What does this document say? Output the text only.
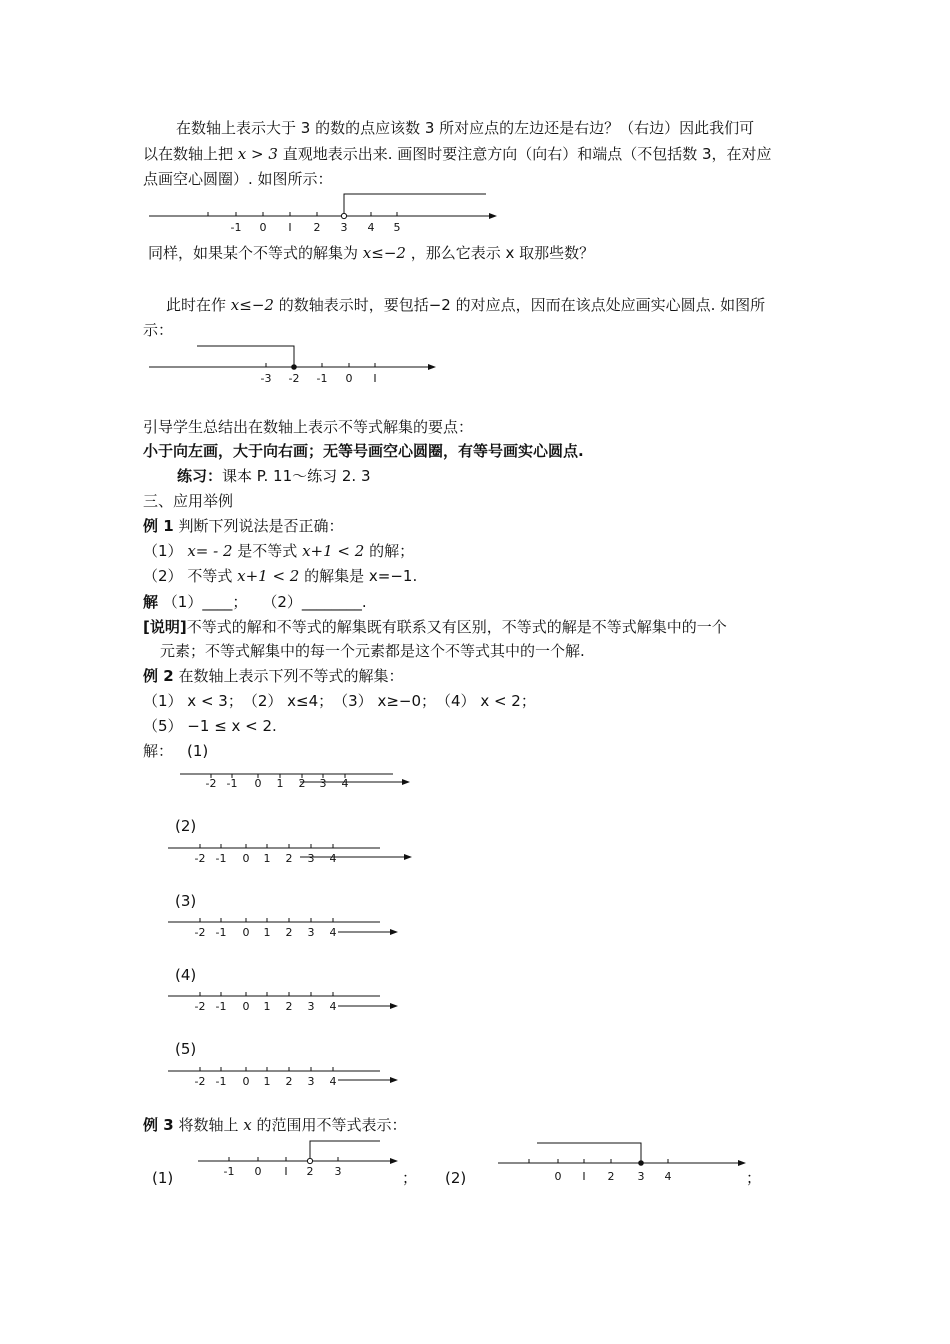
在数轴上表示大于 3 的数的点应该数 3 所对应点的左边还是右边？（右边）因此我们可
以在数轴上把 x > 3 直观地表示出来. 画图时要注意方向（向右）和端点（不包括数 3，在对应
点画空心圆圈）. 如图所示：
-1 0 I 2 3 4 5
同样，如果某个不等式的解集为 x≤−2 ，那么它表示 x 取那些数？
此时在作 x≤−2 的数轴表示时，要包括−2 的对应点，因而在该点处应画实心圆点. 如图所
示：
-3 -2 -1 0 I
引导学生总结出在数轴上表示不等式解集的要点：
小于向左画，大于向右画；无等号画空心圆圈，有等号画实心圆点.
练习：课本 P. 11～练习 2. 3
三、应用举例
例 1 判断下列说法是否正确：
（1） x= - 2 是不等式 x+1 < 2 的解；
（2） 不等式 x+1 < 2 的解集是 x=−1.
解 （1）____；　　（2）________.
[说明]不等式的解和不等式的解集既有联系又有区别，不等式的解是不等式解集中的一个
元素；不等式解集中的每一个元素都是这个不等式其中的一个解.
例 2 在数轴上表示下列不等式的解集：
（1） x < 3；　（2） x≤4；　（3） x≥−0；　（4） x < 2；
（5） −1 ≤ x < 2.
解： (1)
(2)
(3)
(4)
(5)
-2 -1 0 1 2 3 4
-2 -1 0 1 2 3 4
-2 -1 0 1 2 3 4
-2 -1 0 1 2 3 4
-2 -1 0 1 2 3 4
例 3 将数轴上 x 的范围用不等式表示：
(1)	； (2)	；
-1 0 I 2 3	0 I 2 3 4
